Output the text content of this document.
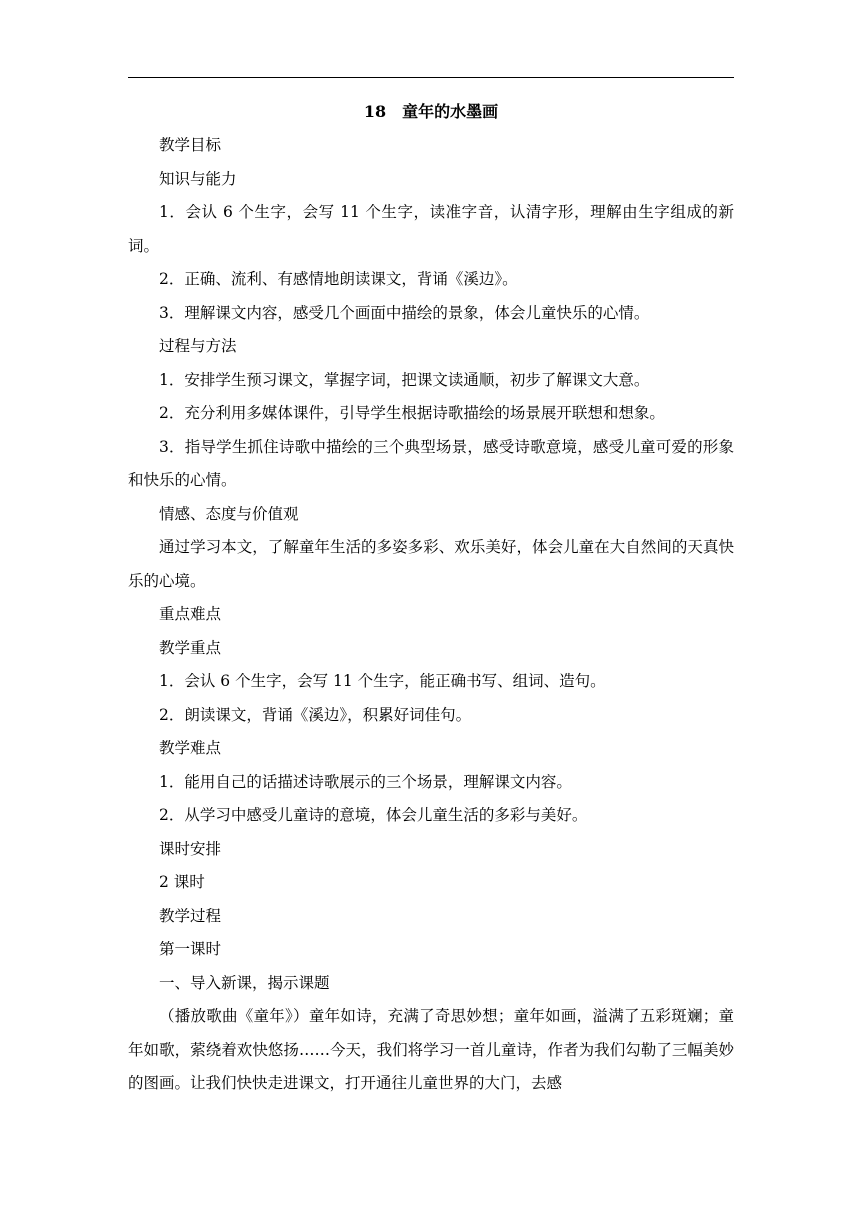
18　童年的水墨画

教学目标

知识与能力

1．会认 6 个生字，会写 11 个生字，读准字音，认清字形，理解由生字组成的新词。

2．正确、流利、有感情地朗读课文，背诵《溪边》。

3．理解课文内容，感受几个画面中描绘的景象，体会儿童快乐的心情。

过程与方法

1．安排学生预习课文，掌握字词，把课文读通顺，初步了解课文大意。

2．充分利用多媒体课件，引导学生根据诗歌描绘的场景展开联想和想象。

3．指导学生抓住诗歌中描绘的三个典型场景，感受诗歌意境，感受儿童可爱的形象和快乐的心情。

情感、态度与价值观

通过学习本文，了解童年生活的多姿多彩、欢乐美好，体会儿童在大自然间的天真快乐的心境。

重点难点

教学重点

1．会认 6 个生字，会写 11 个生字，能正确书写、组词、造句。

2．朗读课文，背诵《溪边》，积累好词佳句。

教学难点

1．能用自己的话描述诗歌展示的三个场景，理解课文内容。

2．从学习中感受儿童诗的意境，体会儿童生活的多彩与美好。

课时安排

2 课时

教学过程

第一课时

一、导入新课，揭示课题

（播放歌曲《童年》）童年如诗，充满了奇思妙想；童年如画，溢满了五彩斑斓；童年如歌，萦绕着欢快悠扬……今天，我们将学习一首儿童诗，作者为我们勾勒了三幅美妙的图画。让我们快快走进课文，打开通往儿童世界的大门，去感
